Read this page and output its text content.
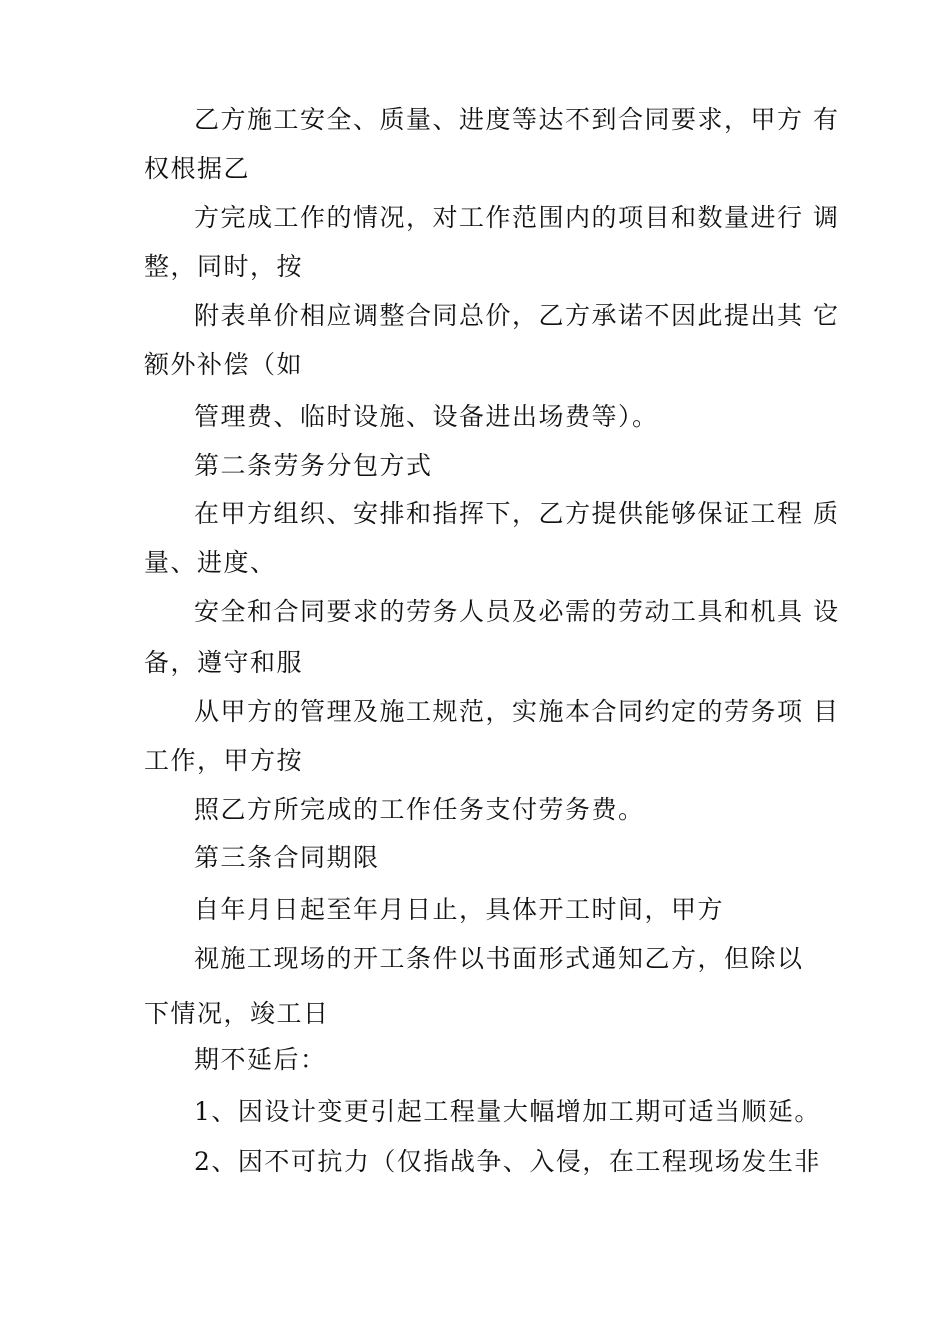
乙方施工安全、质量、进度等达不到合同要求，甲方 有
权根据乙
方完成工作的情况，对工作范围内的项目和数量进行 调
整，同时，按
附表单价相应调整合同总价，乙方承诺不因此提出其 它
额外补偿（如
管理费、临时设施、设备进出场费等）。
第二条劳务分包方式
在甲方组织、安排和指挥下，乙方提供能够保证工程 质
量、进度、
安全和合同要求的劳务人员及必需的劳动工具和机具 设
备，遵守和服
从甲方的管理及施工规范，实施本合同约定的劳务项 目
工作，甲方按
照乙方所完成的工作任务支付劳务费。
第三条合同期限
自年月日起至年月日止，具体开工时间，甲方
视施工现场的开工条件以书面形式通知乙方，但除以
下情况，竣工日
期不延后：
1、因设计变更引起工程量大幅增加工期可适当顺延。
2、因不可抗力（仅指战争、入侵，在工程现场发生非
